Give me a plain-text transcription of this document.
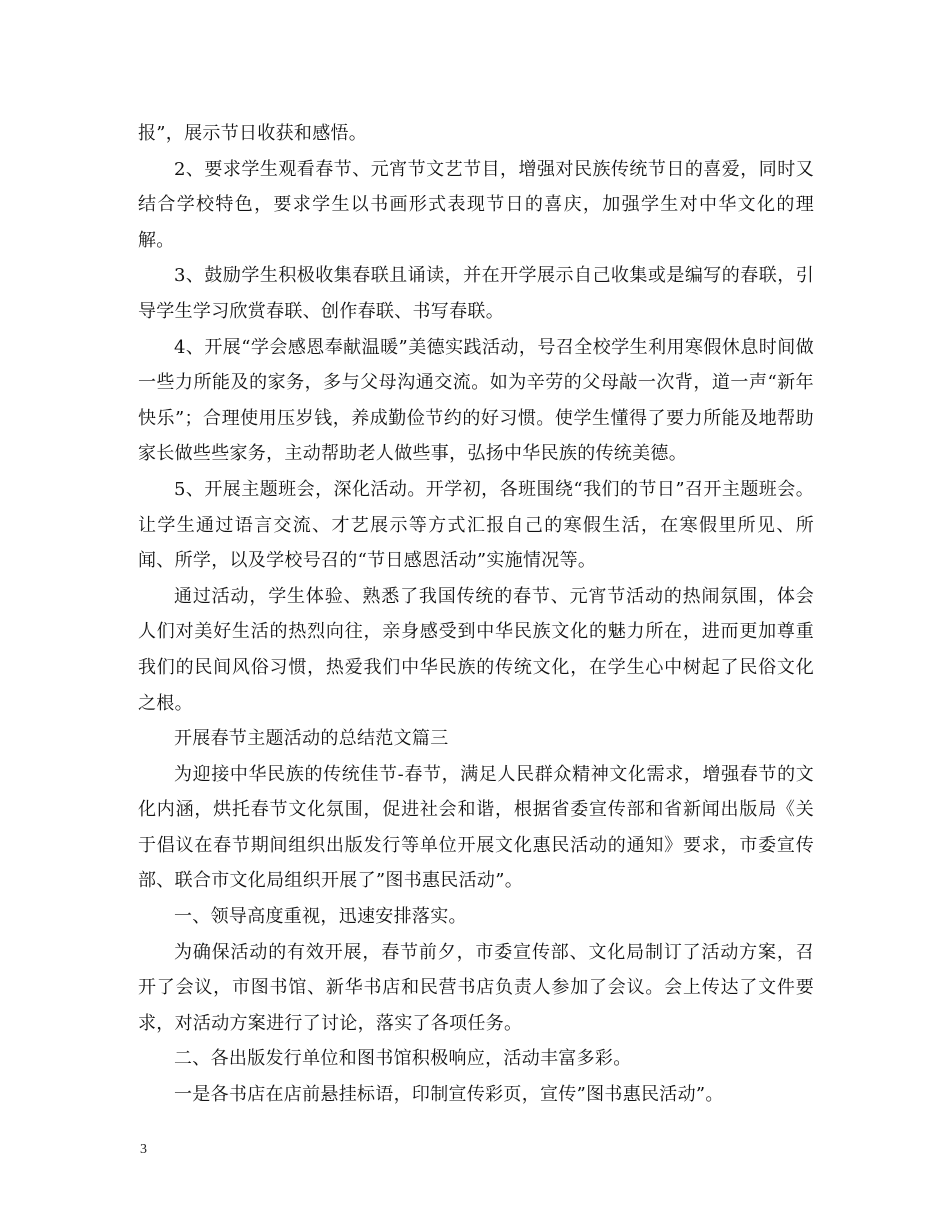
报”，展示节日收获和感悟。

2、要求学生观看春节、元宵节文艺节目，增强对民族传统节日的喜爱，同时又结合学校特色，要求学生以书画形式表现节日的喜庆，加强学生对中华文化的理解。

3、鼓励学生积极收集春联且诵读，并在开学展示自己收集或是编写的春联，引导学生学习欣赏春联、创作春联、书写春联。

4、开展“学会感恩奉献温暖”美德实践活动，号召全校学生利用寒假休息时间做一些力所能及的家务，多与父母沟通交流。如为辛劳的父母敲一次背，道一声“新年快乐”；合理使用压岁钱，养成勤俭节约的好习惯。使学生懂得了要力所能及地帮助家长做些些家务，主动帮助老人做些事，弘扬中华民族的传统美德。

5、开展主题班会，深化活动。开学初，各班围绕“我们的节日”召开主题班会。让学生通过语言交流、才艺展示等方式汇报自己的寒假生活，在寒假里所见、所闻、所学，以及学校号召的“节日感恩活动”实施情况等。

通过活动，学生体验、熟悉了我国传统的春节、元宵节活动的热闹氛围，体会人们对美好生活的热烈向往，亲身感受到中华民族文化的魅力所在，进而更加尊重我们的民间风俗习惯，热爱我们中华民族的传统文化，在学生心中树起了民俗文化之根。

开展春节主题活动的总结范文篇三

为迎接中华民族的传统佳节-春节，满足人民群众精神文化需求，增强春节的文化内涵，烘托春节文化氛围，促进社会和谐，根据省委宣传部和省新闻出版局《关于倡议在春节期间组织出版发行等单位开展文化惠民活动的通知》要求，市委宣传部、联合市文化局组织开展了”图书惠民活动”。

一、领导高度重视，迅速安排落实。

为确保活动的有效开展，春节前夕，市委宣传部、文化局制订了活动方案，召开了会议，市图书馆、新华书店和民营书店负责人参加了会议。会上传达了文件要求，对活动方案进行了讨论，落实了各项任务。

二、各出版发行单位和图书馆积极响应，活动丰富多彩。

一是各书店在店前悬挂标语，印制宣传彩页，宣传”图书惠民活动”。

3
